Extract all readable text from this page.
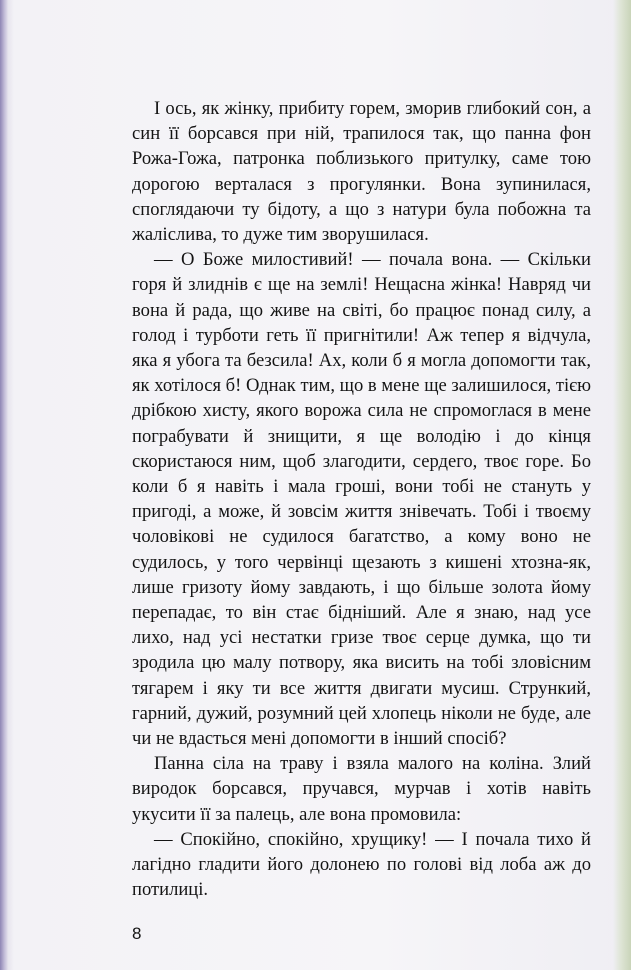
І ось, як жінку, прибиту горем, зморив глибокий сон, а син її борсався при ній, трапилося так, що панна фон Рожа-Гожа, патронка поблизького притулку, саме тою дорогою верталася з прогулянки. Вона зупинилася, споглядаючи ту бідоту, а що з натури була побожна та жалісливa, то дуже тим зворушилася.

— О Боже милостивий! — почала вона. — Скільки горя й злиднів є ще на землі! Нещасна жінка! Навряд чи вона й рада, що живе на світі, бо працює понад силу, а голод і турботи геть її пригнітили! Аж тепер я відчула, яка я убога та безсила! Ах, коли б я могла допомогти так, як хотілося б! Однак тим, що в мене ще залишилося, тією дрібкою хисту, якого ворожа сила не спромоглася в мене пограбувати й знищити, я ще володію і до кінця скористаюся ним, щоб злагодити, сердего, твоє горе. Бо коли б я навіть і мала гроші, вони тобі не стануть у пригоді, а може, й зовсім життя знівечать. Тобі і твоєму чоловікові не судилося багатство, а кому воно не судилось, у того червінці щезають з кишені хтозна-як, лише гризоту йому завдають, і що більше золота йому перепадає, то він стає бідніший. Але я знаю, над усе лихо, над усі нестатки гризе твоє серце думка, що ти зродила цю малу потвору, яка висить на тобі зловісним тягарем і яку ти все життя двигати мусиш. Стрункий, гарний, дужий, розумний цей хлопець ніколи не буде, але чи не вдасться мені допомогти в інший спосіб?

Панна сіла на траву і взяла малого на коліна. Злий виродок борсався, пручався, мурчав і хотів навіть укусити її за палець, але вона промовила:

— Спокійно, спокійно, хрущику! — І почала тихо й лагідно гладити його долонею по голові від лоба аж до потилиці.

8
